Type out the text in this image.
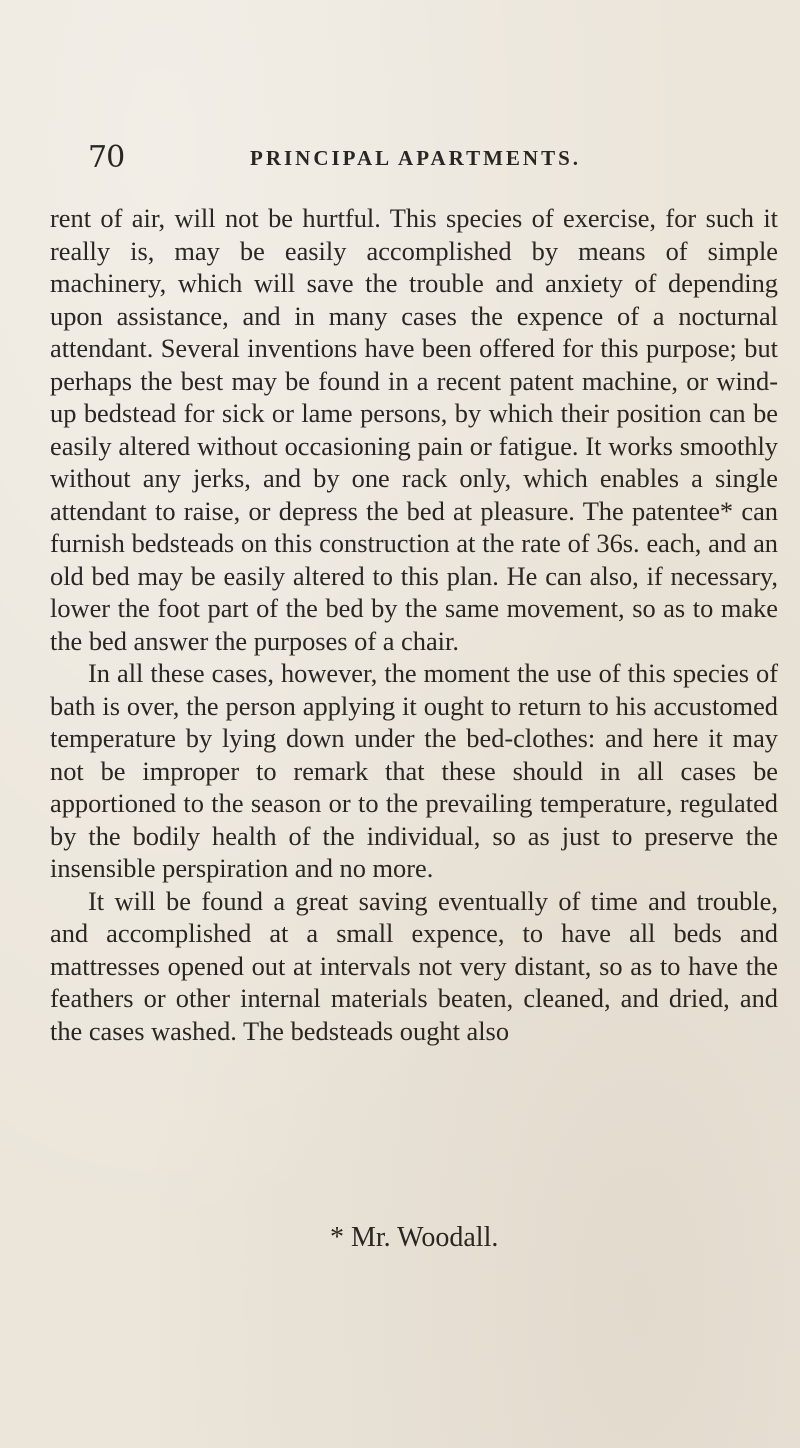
70	PRINCIPAL APARTMENTS.

rent of air, will not be hurtful. This species of exercise, for such it really is, may be easily accomplished by means of simple machinery, which will save the trouble and anxiety of depending upon assistance, and in many cases the expence of a nocturnal attendant. Several inventions have been offered for this purpose; but perhaps the best may be found in a recent patent machine, or wind-up bedstead for sick or lame persons, by which their position can be easily altered without occasioning pain or fatigue. It works smoothly without any jerks, and by one rack only, which enables a single attendant to raise, or depress the bed at pleasure. The patentee* can furnish bedsteads on this construction at the rate of 36s. each, and an old bed may be easily altered to this plan. He can also, if necessary, lower the foot part of the bed by the same movement, so as to make the bed answer the purposes of a chair.

In all these cases, however, the moment the use of this species of bath is over, the person applying it ought to return to his accustomed temperature by lying down under the bed-clothes: and here it may not be improper to remark that these should in all cases be apportioned to the season or to the prevailing temperature, regulated by the bodily health of the individual, so as just to preserve the insensible perspiration and no more.

It will be found a great saving eventually of time and trouble, and accomplished at a small expence, to have all beds and mattresses opened out at intervals not very distant, so as to have the feathers or other internal materials beaten, cleaned, and dried, and the cases washed. The bedsteads ought also

* Mr. Woodall.
